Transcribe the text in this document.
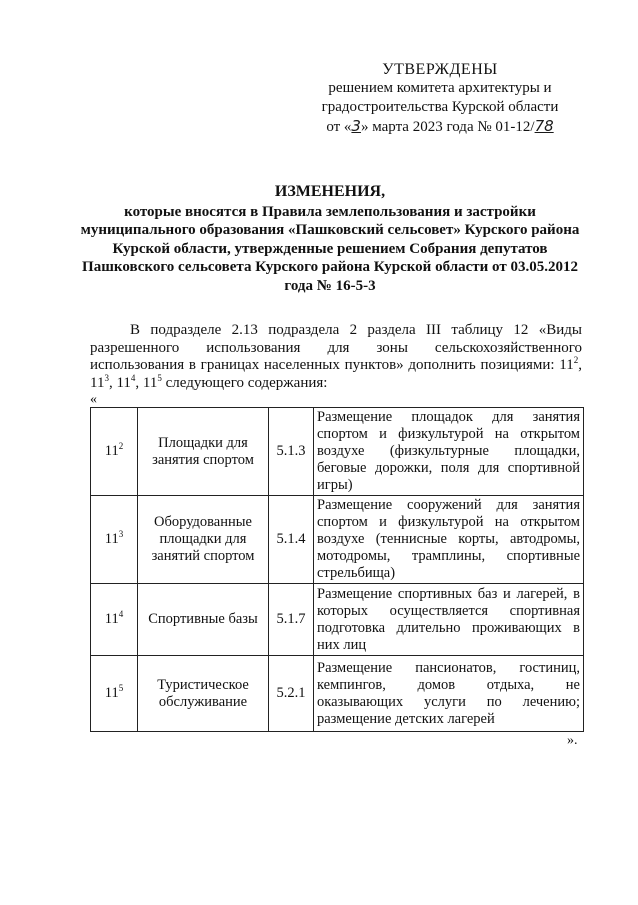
УТВЕРЖДЕНЫ
решением комитета архитектуры и
градостроительства Курской области
от «3» марта 2023 года № 01-12/78
ИЗМЕНЕНИЯ,
которые вносятся в Правила землепользования и застройки муниципального образования «Пашковский сельсовет» Курского района Курской области, утвержденные решением Собрания депутатов Пашковского сельсовета Курского района Курской области от 03.05.2012 года № 16-5-3

В подразделе 2.13 подраздела 2 раздела III таблицу 12 «Виды разрешенного использования для зоны сельскохозяйственного использования в границах населенных пунктов» дополнить позициями: $11^2$, $11^3$, $11^4$, $11^5$ следующего содержания:

«
$11^2$	Площадки для занятия спортом	5.1.3	Размещение площадок для занятия спортом и физкультурой на открытом воздухе (физкультурные площадки, беговые дорожки, поля для спортивной игры)
$11^3$	Оборудованные площадки для занятий спортом	5.1.4	Размещение сооружений для занятия спортом и физкультурой на открытом воздухе (теннисные корты, автодромы, мотодромы, трамплины, спортивные стрельбища)
$11^4$	Спортивные базы	5.1.7	Размещение спортивных баз и лагерей, в которых осуществляется спортивная подготовка длительно проживающих в них лиц
$11^5$	Туристическое обслуживание	5.2.1	Размещение пансионатов, гостиниц, кемпингов, домов отдыха, не оказывающих услуги по лечению; размещение детских лагерей
».
